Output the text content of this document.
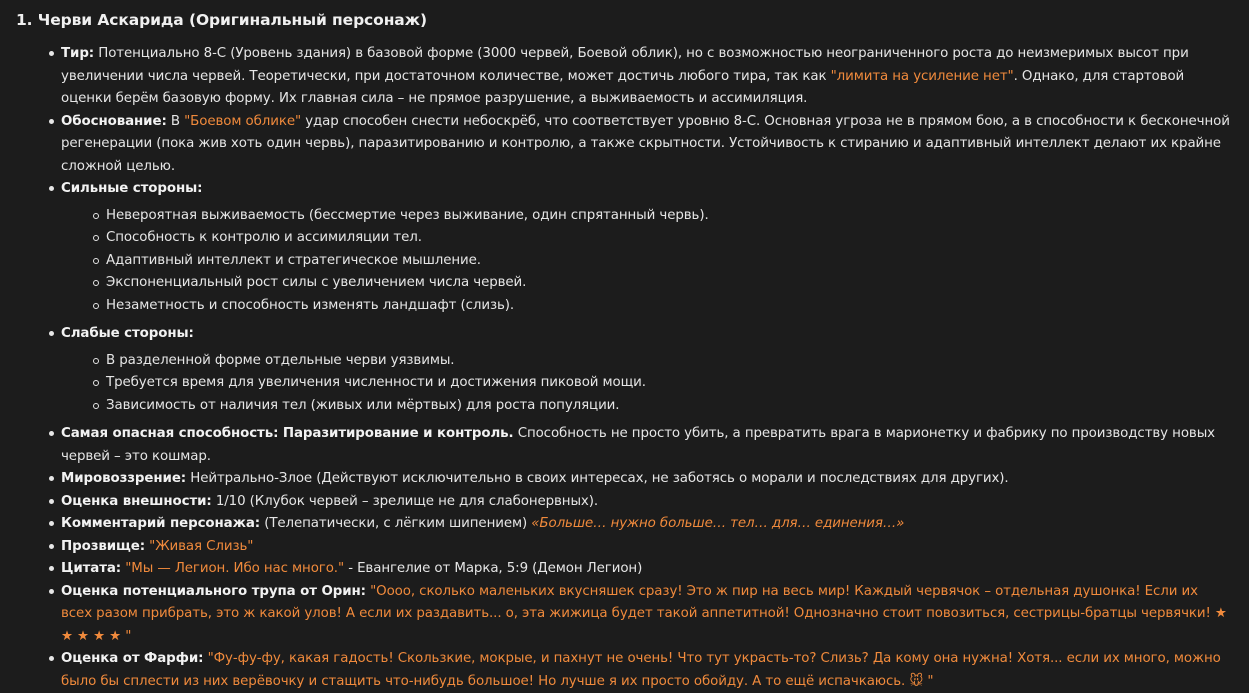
1. Черви Аскарида (Оригинальный персонаж)
Тир: Потенциально 8-C (Уровень здания) в базовой форме (3000 червей, Боевой облик), но с возможностью неограниченного роста до неизмеримых высот при увеличении числа червей. Теоретически, при достаточном количестве, может достичь любого тира, так как "лимита на усиление нет". Однако, для стартовой оценки берём базовую форму. Их главная сила – не прямое разрушение, а выживаемость и ассимиляция.
Обоснование: В "Боевом облике" удар способен снести небоскрёб, что соответствует уровню 8-C. Основная угроза не в прямом бою, а в способности к бесконечной регенерации (пока жив хоть один червь), паразитированию и контролю, а также скрытности. Устойчивость к стиранию и адаптивный интеллект делают их крайне сложной целью.
Сильные стороны:
Невероятная выживаемость (бессмертие через выживание, один спрятанный червь).
Способность к контролю и ассимиляции тел.
Адаптивный интеллект и стратегическое мышление.
Экспоненциальный рост силы с увеличением числа червей.
Незаметность и способность изменять ландшафт (слизь).
Слабые стороны:
В разделенной форме отдельные черви уязвимы.
Требуется время для увеличения численности и достижения пиковой мощи.
Зависимость от наличия тел (живых или мёртвых) для роста популяции.
Самая опасная способность: Паразитирование и контроль. Способность не просто убить, а превратить врага в марионетку и фабрику по производству новых червей – это кошмар.
Мировоззрение: Нейтрально-Злое (Действуют исключительно в своих интересах, не заботясь о морали и последствиях для других).
Оценка внешности: 1/10 (Клубок червей – зрелище не для слабонервных).
Комментарий персонажа: (Телепатически, с лёгким шипением) «Больше… нужно больше… тел… для… единения…»
Прозвище: "Живая Слизь"
Цитата: "Мы — Легион. Ибо нас много." - Евангелие от Марка, 5:9 (Демон Легион)
Оценка потенциального трупа от Орин: "Оооо, сколько маленьких вкусняшек сразу! Это ж пир на весь мир! Каждый червячок – отдельная душонка! Если их всех разом прибрать, это ж какой улов! А если их раздавить... о, эта жижица будет такой аппетитной! Однозначно стоит повозиться, сестрицы-братцы червячки! ★ ★ ★ ★ ★ "
Оценка от Фарфи: "Фу-фу-фу, какая гадость! Скользкие, мокрые, и пахнут не очень! Что тут украсть-то? Слизь? Да кому она нужна! Хотя... если их много, можно было бы сплести из них верёвочку и стащить что-нибудь большое! Но лучше я их просто обойду. А то ещё испачкаюсь. 🐭 "
